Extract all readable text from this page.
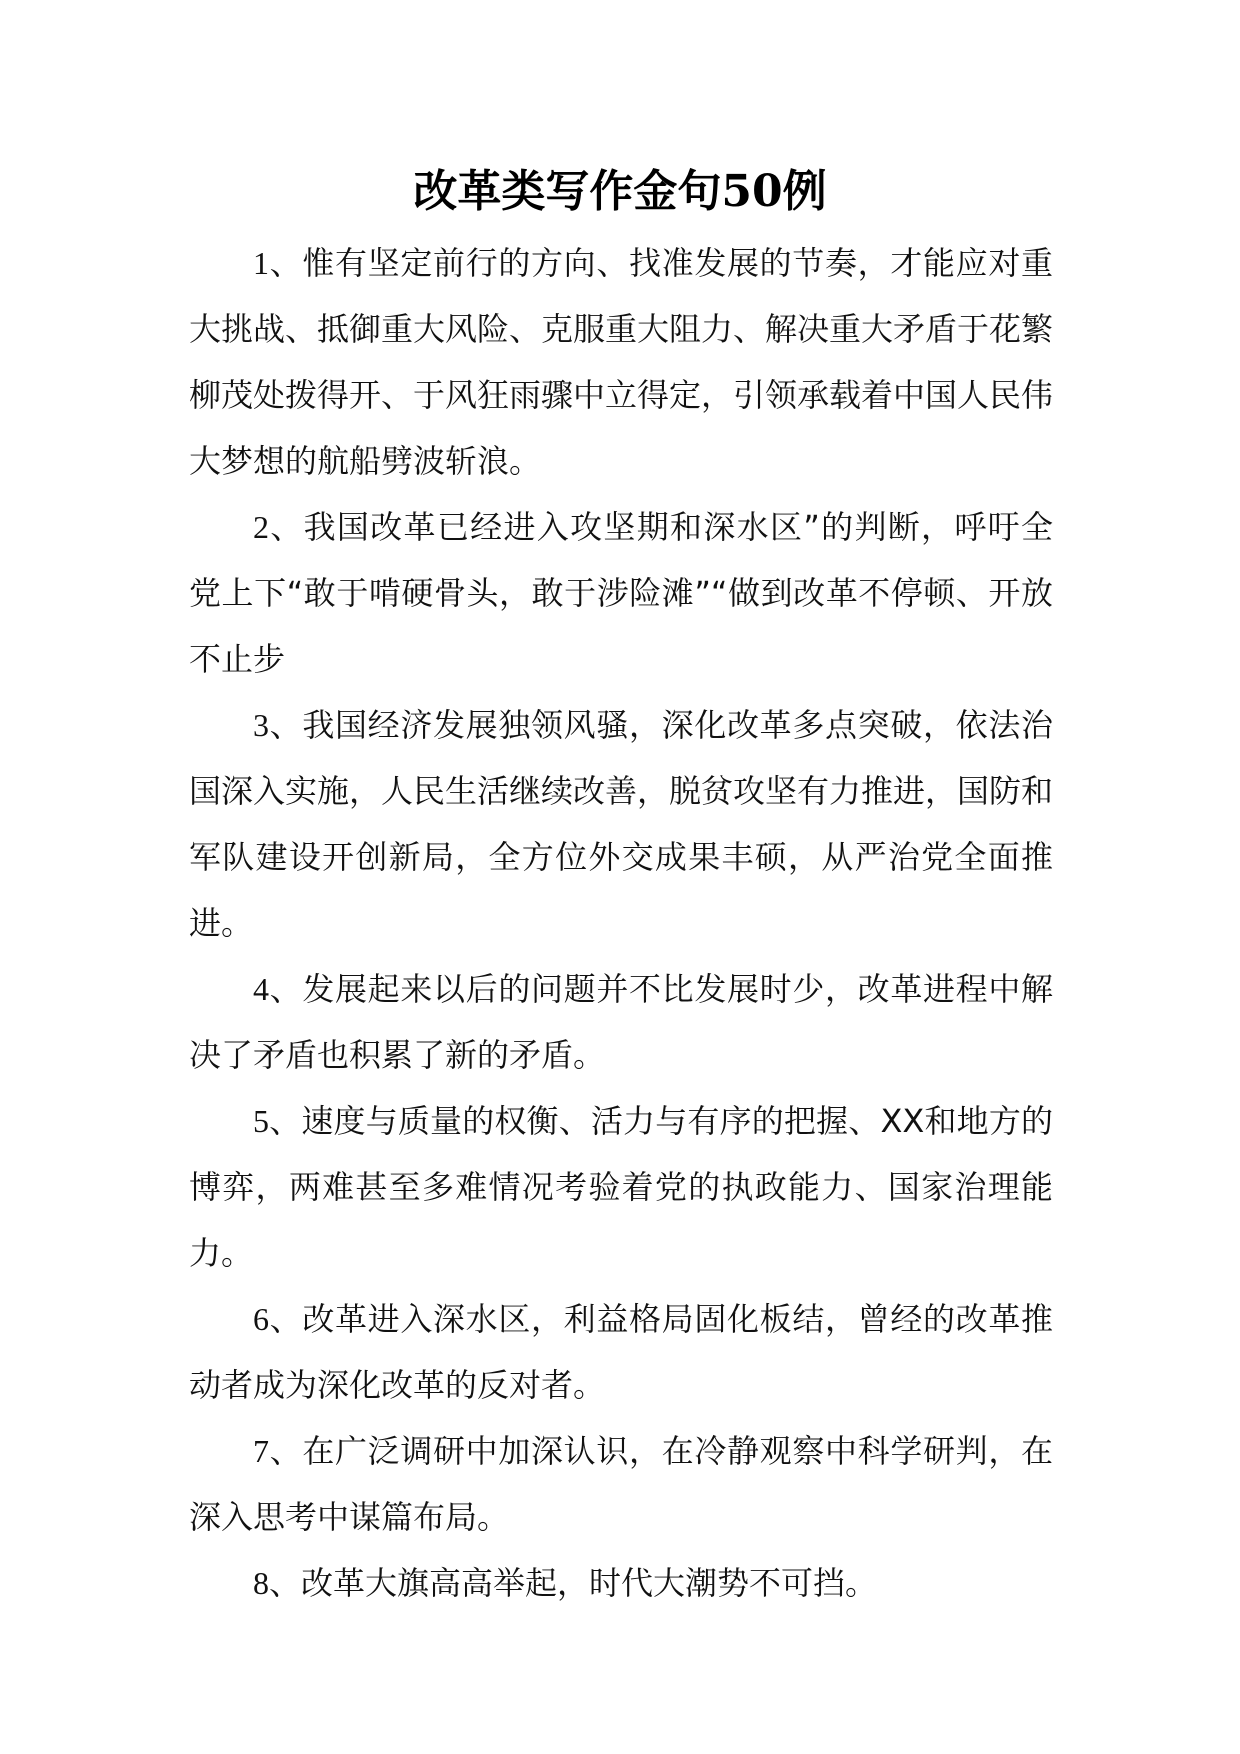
改革类写作金句50例

1、惟有坚定前行的方向、找准发展的节奏，才能应对重大挑战、抵御重大风险、克服重大阻力、解决重大矛盾于花繁柳茂处拨得开、于风狂雨骤中立得定，引领承载着中国人民伟大梦想的航船劈波斩浪。

2、我国改革已经进入攻坚期和深水区”的判断，呼吁全党上下“敢于啃硬骨头，敢于涉险滩”“做到改革不停顿、开放不止步

3、我国经济发展独领风骚，深化改革多点突破，依法治国深入实施，人民生活继续改善，脱贫攻坚有力推进，国防和军队建设开创新局，全方位外交成果丰硕，从严治党全面推进。

4、发展起来以后的问题并不比发展时少，改革进程中解决了矛盾也积累了新的矛盾。

5、速度与质量的权衡、活力与有序的把握、XX和地方的博弈，两难甚至多难情况考验着党的执政能力、国家治理能力。

6、改革进入深水区，利益格局固化板结，曾经的改革推动者成为深化改革的反对者。

7、在广泛调研中加深认识，在冷静观察中科学研判，在深入思考中谋篇布局。

8、改革大旗高高举起，时代大潮势不可挡。
